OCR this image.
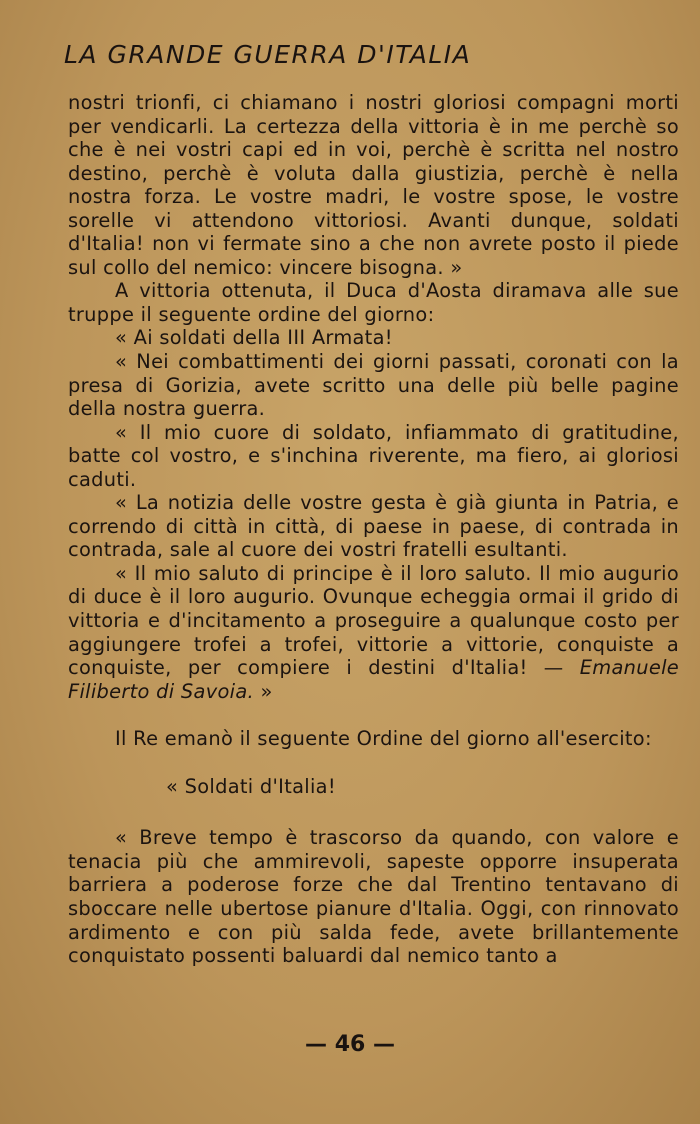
LA GRANDE GUERRA D'ITALIA

nostri trionfi, ci chiamano i nostri gloriosi compagni morti per vendicarli. La certezza della vittoria è in me perchè so che è nei vostri capi ed in voi, perchè è scritta nel nostro destino, perchè è voluta dalla giustizia, perchè è nella nostra forza. Le vostre madri, le vostre spose, le vostre sorelle vi attendono vittoriosi. Avanti dunque, soldati d'Italia! non vi fermate sino a che non avrete posto il piede sul collo del nemico: vincere bisogna. »

A vittoria ottenuta, il Duca d'Aosta diramava alle sue truppe il seguente ordine del giorno:

« Ai soldati della III Armata!

« Nei combattimenti dei giorni passati, coronati con la presa di Gorizia, avete scritto una delle più belle pagine della nostra guerra.

« Il mio cuore di soldato, infiammato di gratitudine, batte col vostro, e s'inchina riverente, ma fiero, ai gloriosi caduti.

« La notizia delle vostre gesta è già giunta in Patria, e correndo di città in città, di paese in paese, di contrada in contrada, sale al cuore dei vostri fratelli esultanti.

« Il mio saluto di principe è il loro saluto. Il mio augurio di duce è il loro augurio. Ovunque echeggia ormai il grido di vittoria e d'incitamento a proseguire a qualunque costo per aggiungere trofei a trofei, vittorie a vittorie, conquiste a conquiste, per compiere i destini d'Italia! — Emanuele Filiberto di Savoia. »

Il Re emanò il seguente Ordine del giorno all'esercito:

« Soldati d'Italia!

« Breve tempo è trascorso da quando, con valore e tenacia più che ammirevoli, sapeste opporre insuperata barriera a poderose forze che dal Trentino tentavano di sboccare nelle ubertose pianure d'Italia. Oggi, con rinnovato ardimento e con più salda fede, avete brillantemente conquistato possenti baluardi dal nemico tanto a

— 46 —
